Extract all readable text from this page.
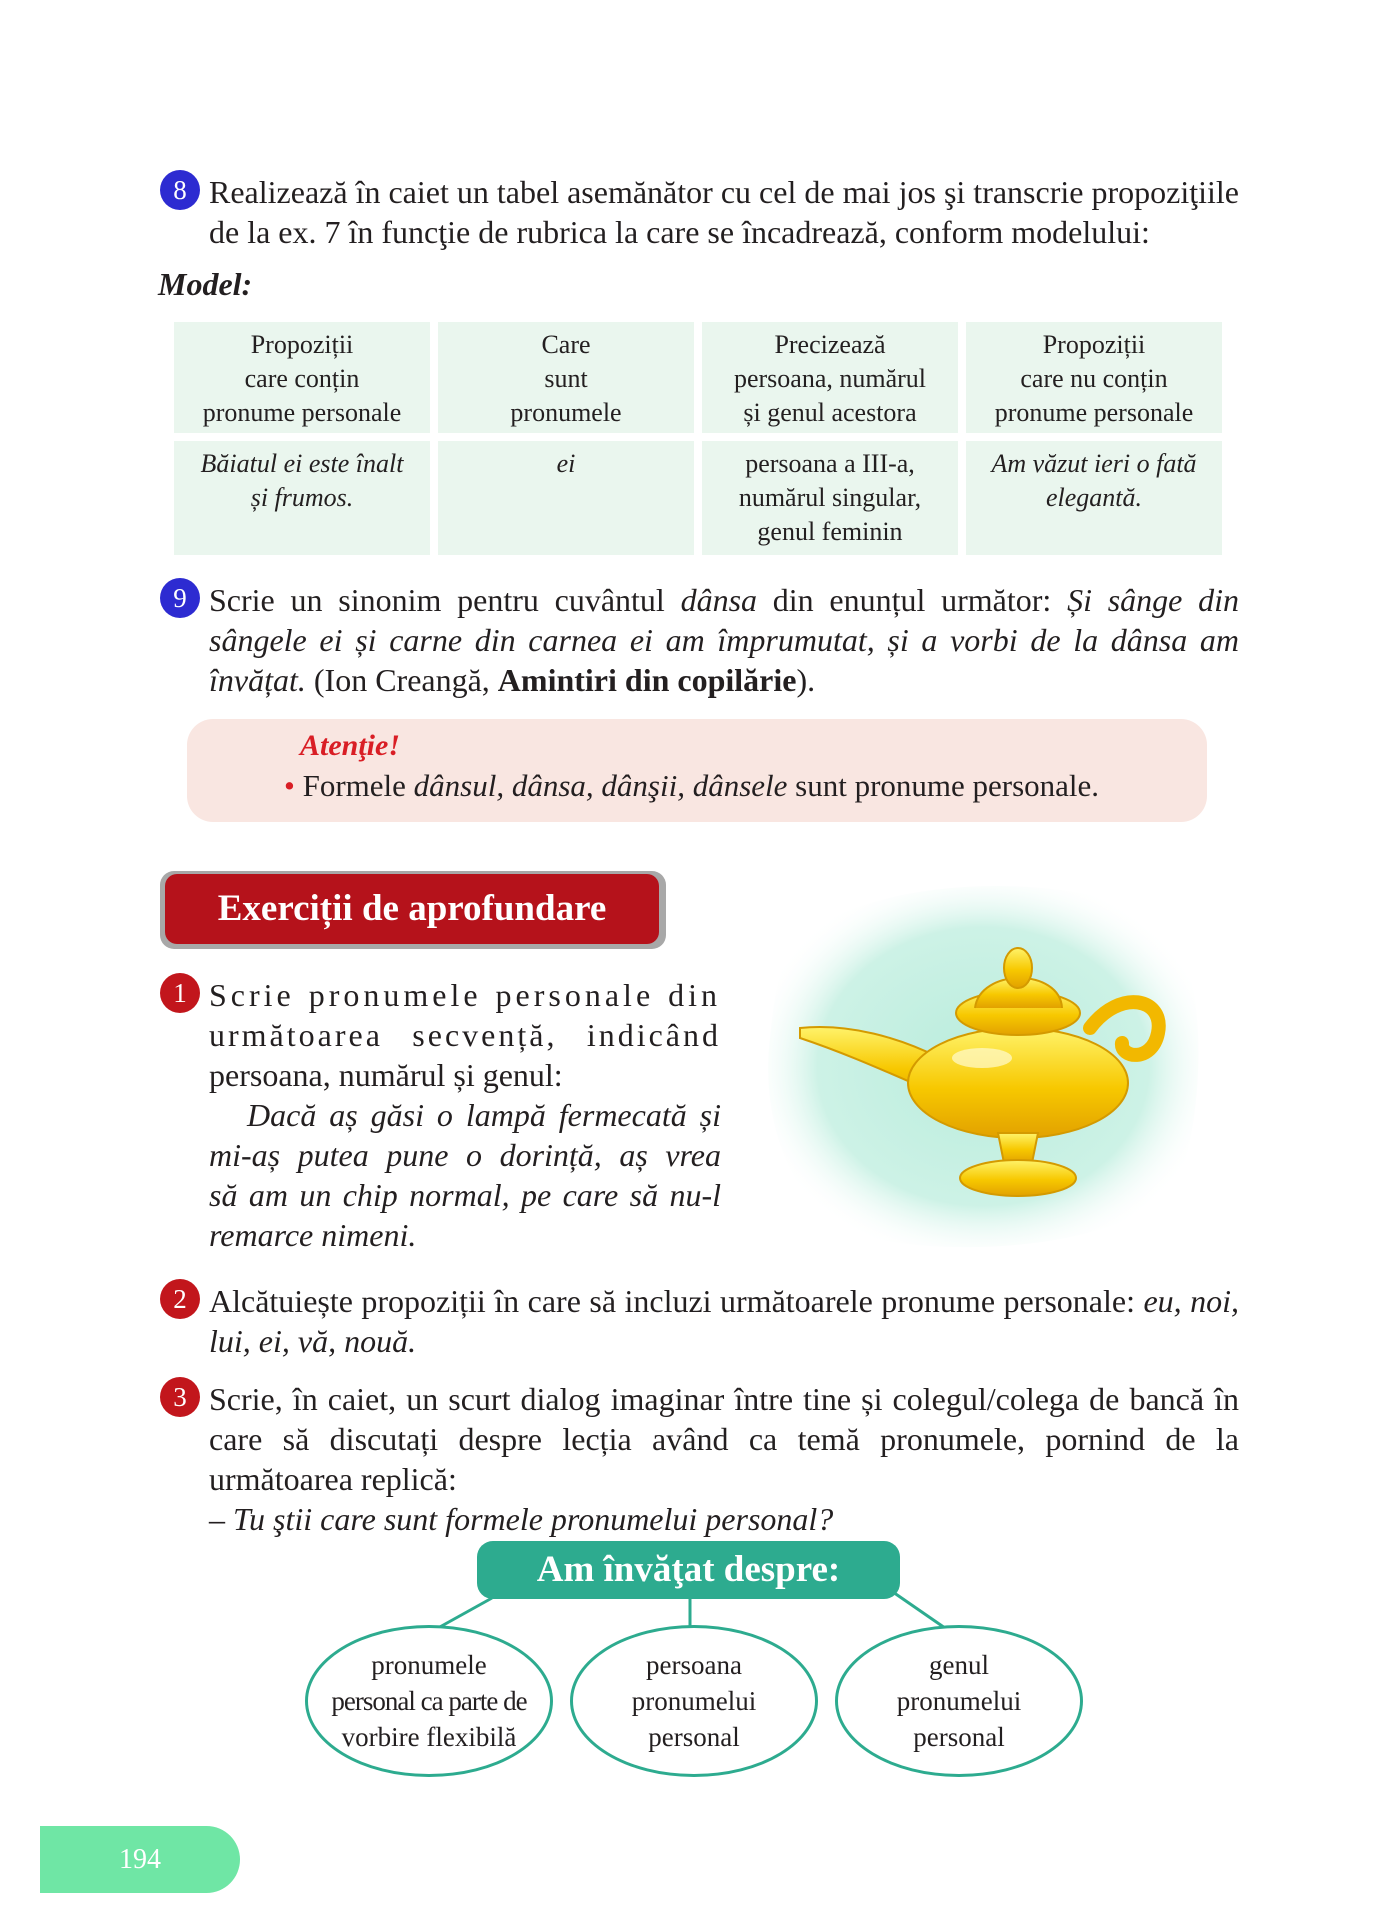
8 Realizează în caiet un tabel asemănător cu cel de mai jos şi transcrie propoziţiile de la ex. 7 în funcţie de rubrica la care se încadrează, conform modelului:
Model:
Propoziții
care conțin
pronume personale
Care
sunt
pronumele
Precizează
persoana, numărul
și genul acestora
Propoziții
care nu conțin
pronume personale
Băiatul ei este înalt
și frumos.
ei	persoana a III-a,
numărul singular,
genul feminin
Am văzut ieri o fată
elegantă.
9 Scrie un sinonim pentru cuvântul dânsa din enunțul următor: Și sânge din sângele ei și carne din carnea ei am împrumutat, și a vorbi de la dânsa am învățat. (Ion Creangă, Amintiri din copilărie).
Atenţie!
• Formele dânsul, dânsa, dânşii, dânsele sunt pronume personale.
Exerciții de aprofundare
1 Scrie pronumele personale din
următoarea secvență, indicând
persoana, numărul și genul:
Dacă aș găsi o lampă fermecată și
mi-aș putea pune o dorință, aș vrea
să am un chip normal, pe care să nu-l
remarce nimeni.
2 Alcătuiește propoziții în care să incluzi următoarele pronume personale: eu, noi, lui, ei, vă, nouă.
3 Scrie, în caiet, un scurt dialog imaginar între tine și colegul/colega de bancă în care să discutați despre lecția având ca temă pronumele, pornind de la următoarea replică:
– Tu ştii care sunt formele pronumelui personal?
Am învăţat despre:
pronumele
personal ca parte de
vorbire flexibilă
persoana
pronumelui
personal
genul
pronumelui
personal
194
